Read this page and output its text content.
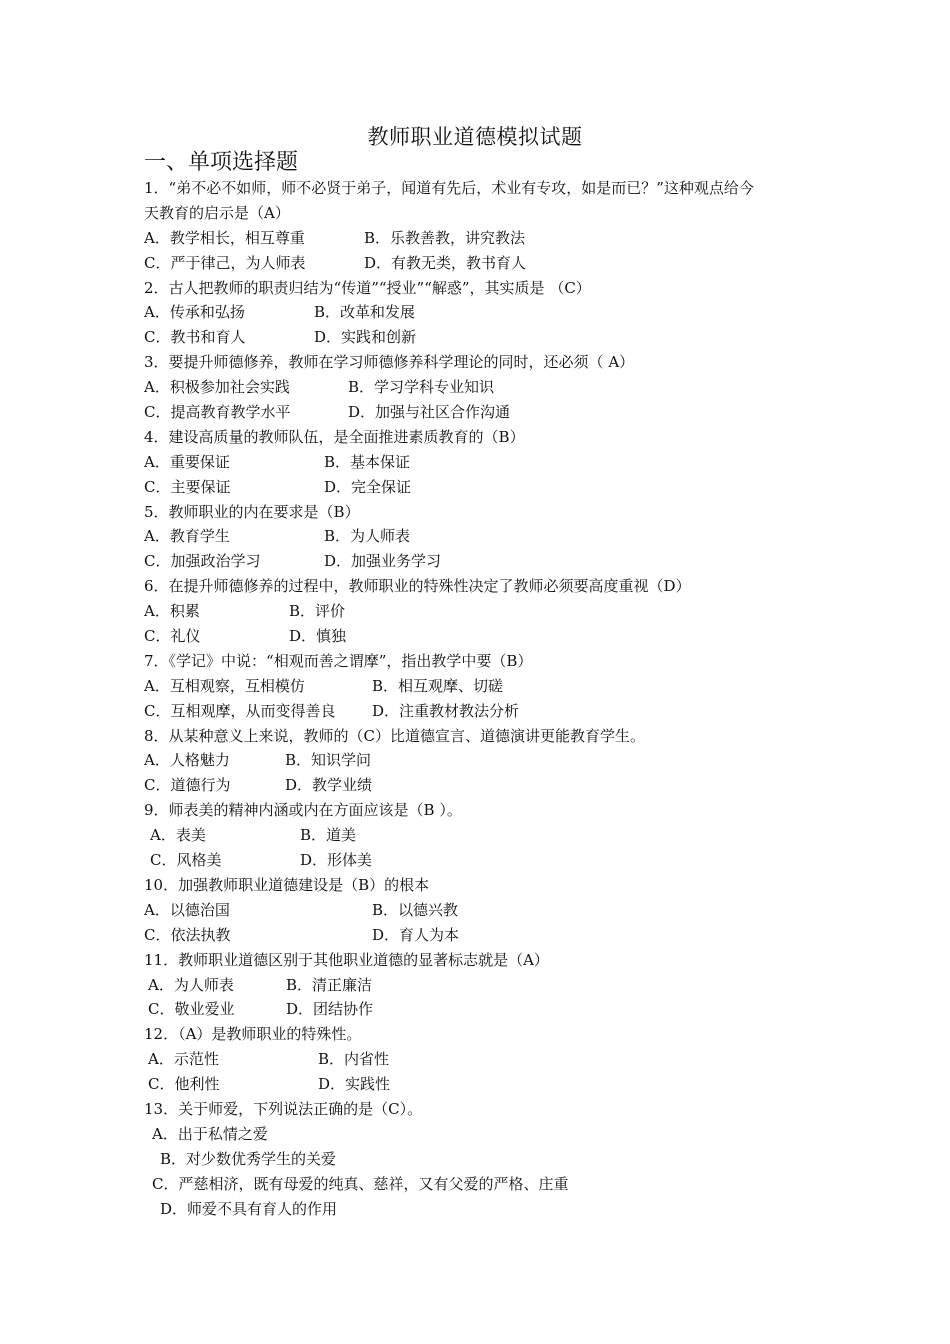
教师职业道德模拟试题
一、单项选择题
1．“弟不必不如师，师不必贤于弟子，闻道有先后，术业有专攻，如是而已？”这种观点给今
天教育的启示是（A）
A．教学相长，相互尊重	B．乐教善教，讲究教法
C．严于律己，为人师表	D．有教无类，教书育人
2．古人把教师的职责归结为“传道”“授业”“解惑”，其实质是 （C）
A．传承和弘扬	B．改革和发展
C．教书和育人	D．实践和创新
3．要提升师德修养，教师在学习师德修养科学理论的同时，还必须（ A）
A．积极参加社会实践	B．学习学科专业知识
C．提高教育教学水平	D．加强与社区合作沟通
4．建设高质量的教师队伍，是全面推进素质教育的（B）
A．重要保证	B．基本保证
C．主要保证	D．完全保证
5．教师职业的内在要求是（B）
A．教育学生	B．为人师表
C．加强政治学习	D．加强业务学习
6．在提升师德修养的过程中，教师职业的特殊性决定了教师必须要高度重视（D）
A．积累	B．评价
C．礼仪	D．慎独
7．《学记》中说：“相观而善之谓摩”，指出教学中要（B）
A．互相观察，互相模仿	B．相互观摩、切磋
C．互相观摩，从而变得善良 D．注重教材教法分析
8．从某种意义上来说，教师的（C）比道德宣言、道德演讲更能教育学生。
A．人格魅力	B．知识学问
C．道德行为	D．教学业绩
9．师表美的精神内涵或内在方面应该是（B ）。
A．表美	B．道美
C．风格美	D．形体美
10．加强教师职业道德建设是（B）的根本
A．以德治国	B．以德兴教
C．依法执教	D．育人为本
11．教师职业道德区别于其他职业道德的显著标志就是（A）
A．为人师表	B．清正廉洁
C．敬业爱业	D．团结协作
12．（A）是教师职业的特殊性。
A．示范性	B．内省性
C．他利性	D．实践性
13．关于师爱，下列说法正确的是（C）。
A．出于私情之爱
B．对少数优秀学生的关爱
C．严慈相济，既有母爱的纯真、慈祥，又有父爱的严格、庄重
D．师爱不具有育人的作用
